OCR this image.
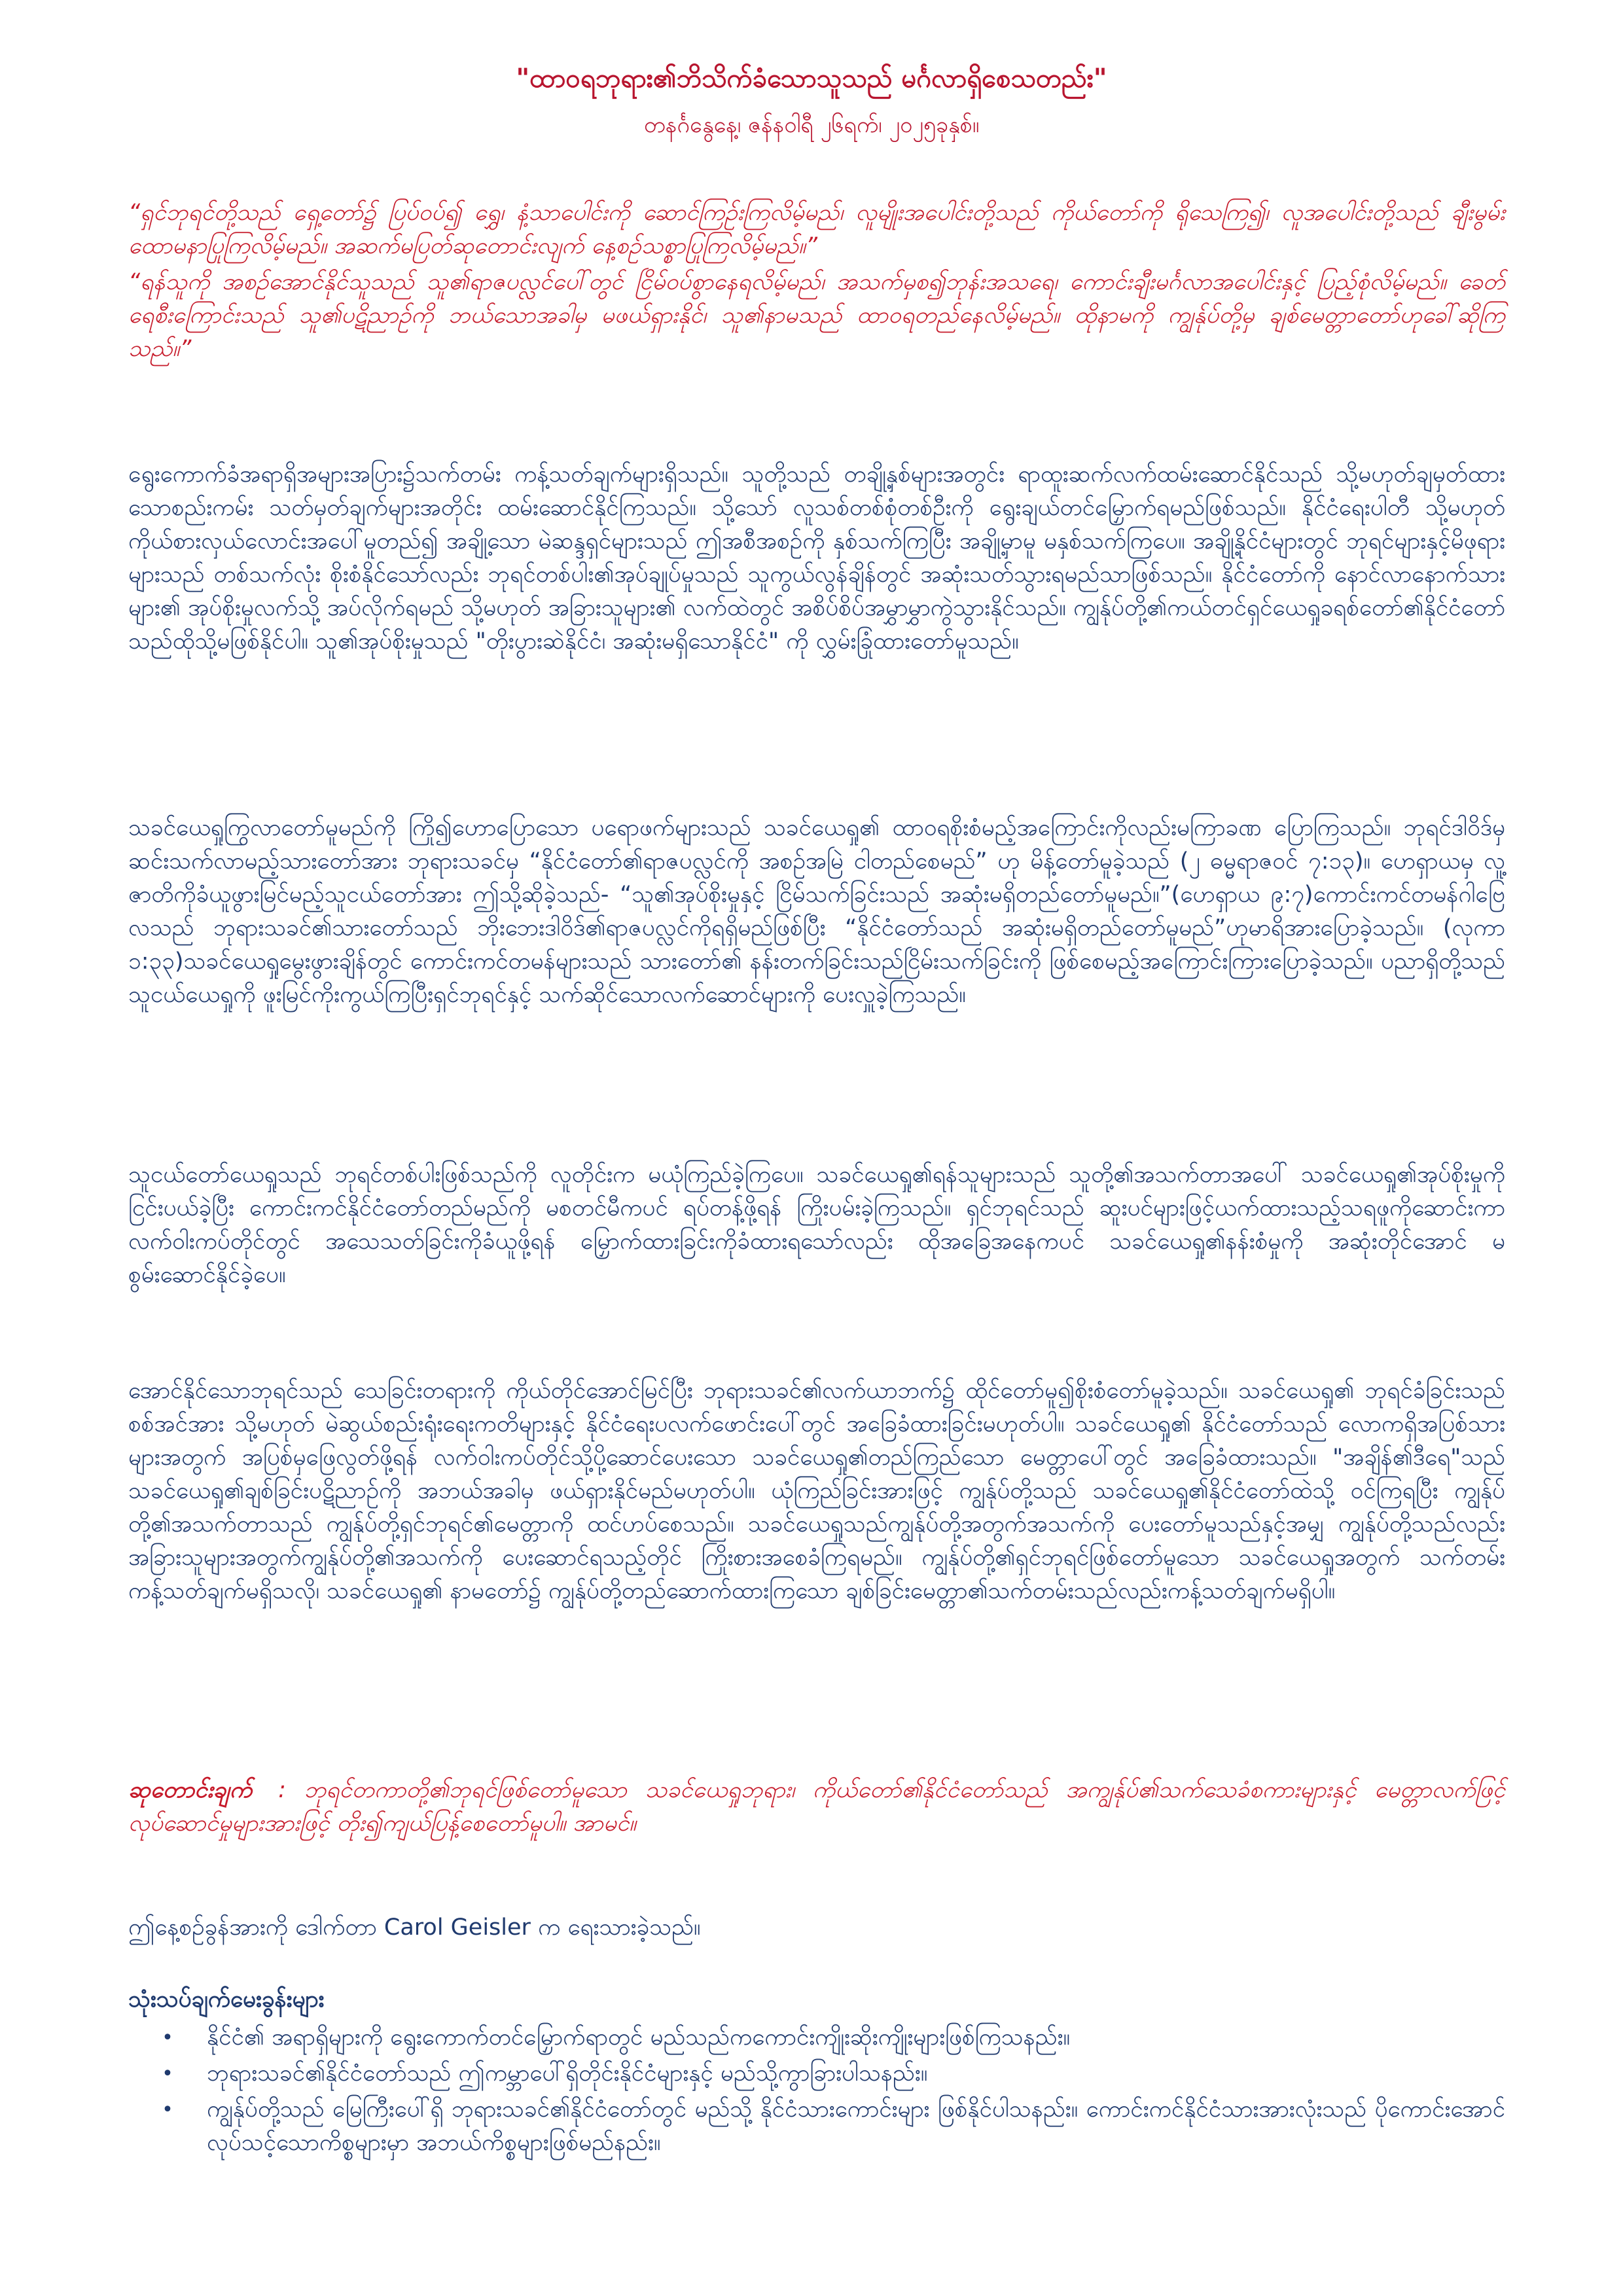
"ထာဝရဘုရား၏ဘိသိက်ခံသောသူသည် မင်္ဂလာရှိစေသတည်း"
တနင်္ဂနွေနေ့၊ ဇန်နဝါရီ ၂၆ရက်၊ ၂၀၂၅ခုနှစ်။

“ရှင်ဘုရင်တို့သည် ရှေ့တော်၌ ပြပ်ဝပ်၍ ရွှေ၊ နံ့သာပေါင်းကို ဆောင်ကြဉ်းကြလိမ့်မည်၊ လူမျိုးအပေါင်းတို့သည် ကိုယ်တော်ကို ရိုသေကြ၍၊ လူအပေါင်းတို့သည် ချီးမွမ်းထောမနာပြုကြလိမ့်မည်။ အဆက်မပြတ်ဆုတောင်းလျက် နေ့စဉ်သစ္စာပြုကြလိမ့်မည်။”

“ရန်သူကို အစဉ်အောင်နိုင်သူသည် သူ၏ရာဇပလ္လင်ပေါ်တွင် ငြိမ်ဝပ်စွာနေရလိမ့်မည်၊ အသက်မှစ၍ဘုန်းအသရေ၊ ကောင်းချီးမင်္ဂလာအပေါင်းနှင့် ပြည့်စုံလိမ့်မည်။ ခေတ်ရေစီးကြောင်းသည် သူ၏ပဋိညာဉ်ကို ဘယ်သောအခါမှ မဖယ်ရှားနိုင်၊ သူ၏နာမသည် ထာဝရတည်နေလိမ့်မည်။ ထိုနာမကို ကျွန်ုပ်တို့မှ ချစ်မေတ္တာတော်ဟုခေါ်ဆိုကြသည်။”

ရွေးကောက်ခံအရာရှိအများအပြား၌သက်တမ်း ကန့်သတ်ချက်များရှိသည်။ သူတို့သည် တချို့နှစ်များအတွင်း ရာထူးဆက်လက်ထမ်းဆောင်နိုင်သည် သို့မဟုတ်ချမှတ်ထားသောစည်းကမ်း သတ်မှတ်ချက်များအတိုင်း ထမ်းဆောင်နိုင်ကြသည်။ သို့သော် လူသစ်တစ်စုံတစ်ဦးကို ရွေးချယ်တင်မြှောက်ရမည်ဖြစ်သည်။ နိုင်ငံရေးပါတီ သို့မဟုတ် ကိုယ်စားလှယ်လောင်းအပေါ်မူတည်၍ အချို့သော မဲဆန္ဒရှင်များသည် ဤအစီအစဉ်ကို နှစ်သက်ကြပြီး အချို့မှာမူ မနှစ်သက်ကြပေ။ အချို့နိုင်ငံများတွင် ဘုရင်များနှင့်မိဖုရားများသည် တစ်သက်လုံး စိုးစံနိုင်သော်လည်း ဘုရင်တစ်ပါး၏အုပ်ချုပ်မှုသည် သူကွယ်လွန်ချိန်တွင် အဆုံးသတ်သွားရမည်သာဖြစ်သည်။ နိုင်ငံတော်ကို နောင်လာနောက်သားများ၏ အုပ်စိုးမှုလက်သို့ အပ်လိုက်ရမည် သို့မဟုတ် အခြားသူများ၏ လက်ထဲတွင် အစိပ်စိပ်အမွှာမွှာကွဲသွားနိုင်သည်။ ကျွန်ုပ်တို့၏ကယ်တင်ရှင်ယေရှုခရစ်တော်၏နိုင်ငံတော်သည်ထိုသို့မဖြစ်နိုင်ပါ။ သူ၏အုပ်စိုးမှုသည် "တိုးပွားဆဲနိုင်ငံ၊ အဆုံးမရှိသောနိုင်ငံ" ကို လွှမ်းခြုံထားတော်မူသည်။

သခင်ယေရှုကြွလာတော်မူမည်ကို ကြို၍ဟောပြောသော ပရောဖက်များသည် သခင်ယေရှု၏ ထာဝရစိုးစံမည့်အကြောင်းကိုလည်းမကြာခဏ ပြောကြသည်။ ဘုရင်ဒါဝိဒ်မှ ဆင်းသက်လာမည့်သားတော်အား ဘုရားသခင်မှ “နိုင်ငံတော်၏ရာဇပလ္လင်ကို အစဉ်အမြဲ ငါတည်စေမည်” ဟု မိန့်တော်မူခဲ့သည် (၂ ဓမ္မရာဇဝင် ၇:၁၃)။ ဟေရှာယမှ လူ့ဇာတိကိုခံယူဖွားမြင်မည့်သူငယ်တော်အား ဤသို့ဆိုခဲ့သည်- “သူ၏အုပ်စိုးမှုနှင့် ငြိမ်သက်ခြင်းသည် အဆုံးမရှိတည်တော်မူမည်။”(ဟေရှာယ ၉:၇)ကောင်းကင်တမန်ဂါဗြေလသည် ဘုရားသခင်၏သားတော်သည် ဘိုးဘေးဒါဝိဒ်၏ရာဇပလ္လင်ကိုရရှိမည်ဖြစ်ပြီး “နိုင်ငံတော်သည် အဆုံးမရှိတည်တော်မူမည်”ဟုမာရိအားပြောခဲ့သည်။ (လုကာ ၁:၃၃)သခင်ယေရှုမွေးဖွားချိန်တွင် ကောင်းကင်တမန်များသည် သားတော်၏ နန်းတက်ခြင်းသည်ငြိမ်းသက်ခြင်းကို ဖြစ်စေမည့်အကြောင်းကြားပြောခဲ့သည်။ ပညာရှိတို့သည် သူငယ်ယေရှုကို ဖူးမြင်ကိုးကွယ်ကြပြီးရှင်ဘုရင်နှင့် သက်ဆိုင်သောလက်ဆောင်များကို ပေးလှူခဲ့ကြသည်။

သူငယ်တော်ယေရှုသည် ဘုရင်တစ်ပါးဖြစ်သည်ကို လူတိုင်းက မယုံကြည်ခဲ့ကြပေ။ သခင်ယေရှု၏ရန်သူများသည် သူတို့၏အသက်တာအပေါ် သခင်ယေရှု၏အုပ်စိုးမှုကို ငြင်းပယ်ခဲ့ပြီး ကောင်းကင်နိုင်ငံတော်တည်မည်ကို မစတင်မီကပင် ရပ်တန့်ဖို့ရန် ကြိုးပမ်းခဲ့ကြသည်။ ရှင်ဘုရင်သည် ဆူးပင်များဖြင့်ယက်ထားသည့်သရဖူကိုဆောင်းကာ လက်ဝါးကပ်တိုင်တွင် အသေသတ်ခြင်းကိုခံယူဖို့ရန် မြှောက်ထားခြင်းကိုခံထားရသော်လည်း ထိုအခြေအနေကပင် သခင်ယေရှု၏နန်းစံမှုကို အဆုံးတိုင်အောင် မစွမ်းဆောင်နိုင်ခဲ့ပေ။

အောင်နိုင်သောဘုရင်သည် သေခြင်းတရားကို ကိုယ်တိုင်အောင်မြင်ပြီး ဘုရားသခင်၏လက်ယာဘက်၌ ထိုင်တော်မူ၍စိုးစံတော်မူခဲ့သည်။ သခင်ယေရှု၏ ဘုရင်ခံခြင်းသည် စစ်အင်အား သို့မဟုတ် မဲဆွယ်စည်းရုံးရေးကတိများနှင့် နိုင်ငံရေးပလက်ဖောင်းပေါ်တွင် အခြေခံထားခြင်းမဟုတ်ပါ။ သခင်ယေရှု၏ နိုင်ငံတော်သည် လောကရှိအပြစ်သားများအတွက် အပြစ်မှဖြေလွတ်ဖို့ရန် လက်ဝါးကပ်တိုင်သို့ပို့ဆောင်ပေးသော သခင်ယေရှု၏တည်ကြည်သော မေတ္တာပေါ်တွင် အခြေခံထားသည်။ "အချိန်၏ဒီရေ"သည် သခင်ယေရှု၏ချစ်ခြင်းပဋိညာဉ်ကို အဘယ်အခါမှ ဖယ်ရှားနိုင်မည်မဟုတ်ပါ။ ယုံကြည်ခြင်းအားဖြင့် ကျွန်ုပ်တို့သည် သခင်ယေရှု၏နိုင်ငံတော်ထဲသို့ ဝင်ကြရပြီး ကျွန်ုပ်တို့၏အသက်တာသည် ကျွန်ုပ်တို့ရှင်ဘုရင်၏မေတ္တာကို ထင်ဟပ်စေသည်။ သခင်ယေရှုသည်ကျွန်ုပ်တို့အတွက်အသက်ကို ပေးတော်မူသည်နှင့်အမျှ ကျွန်ုပ်တို့သည်လည်း အခြားသူများအတွက်ကျွန်ုပ်တို့၏အသက်ကို ပေးဆောင်ရသည့်တိုင် ကြိုးစားအစေခံကြရမည်။ ကျွန်ုပ်တို့၏ရှင်ဘုရင်ဖြစ်တော်မူသော သခင်ယေရှုအတွက် သက်တမ်းကန့်သတ်ချက်မရှိသလို၊ သခင်ယေရှု၏ နာမတော်၌ ကျွန်ုပ်တို့တည်ဆောက်ထားကြသော ချစ်ခြင်းမေတ္တာ၏သက်တမ်းသည်လည်းကန့်သတ်ချက်မရှိပါ။

ဆုတောင်းချက် : ဘုရင်တကာတို့၏ဘုရင်ဖြစ်တော်မူသော သခင်ယေရှုဘုရား၊ ကိုယ်တော်၏နိုင်ငံတော်သည် အကျွန်ုပ်၏သက်သေခံစကားများနှင့် မေတ္တာလက်ဖြင့်လုပ်ဆောင်မှုများအားဖြင့် တိုး၍ကျယ်ပြန့်စေတော်မူပါ။ အာမင်။
ဤနေ့စဉ်ခွန်အားကို ဒေါက်တာ Carol Geisler က ရေးသားခဲ့သည်။
သုံးသပ်ချက်မေးခွန်းများ
•	နိုင်ငံ၏ အရာရှိများကို ရွေးကောက်တင်မြှောက်ရာတွင် မည်သည်ကကောင်းကျိုးဆိုးကျိုးများဖြစ်ကြသနည်း။
•	ဘုရားသခင်၏နိုင်ငံတော်သည် ဤကမ္ဘာပေါ်ရှိတိုင်းနိုင်ငံများနှင့် မည်သို့ကွာခြားပါသနည်း။
•	ကျွန်ုပ်တို့သည် မြေကြီးပေါ်ရှိ ဘုရားသခင်၏နိုင်ငံတော်တွင် မည်သို့ နိုင်ငံသားကောင်းများ ဖြစ်နိုင်ပါသနည်း။ ကောင်းကင်နိုင်ငံသားအားလုံးသည် ပိုကောင်းအောင် လုပ်သင့်သောကိစ္စများမှာ အဘယ်ကိစ္စများဖြစ်မည်နည်း။
